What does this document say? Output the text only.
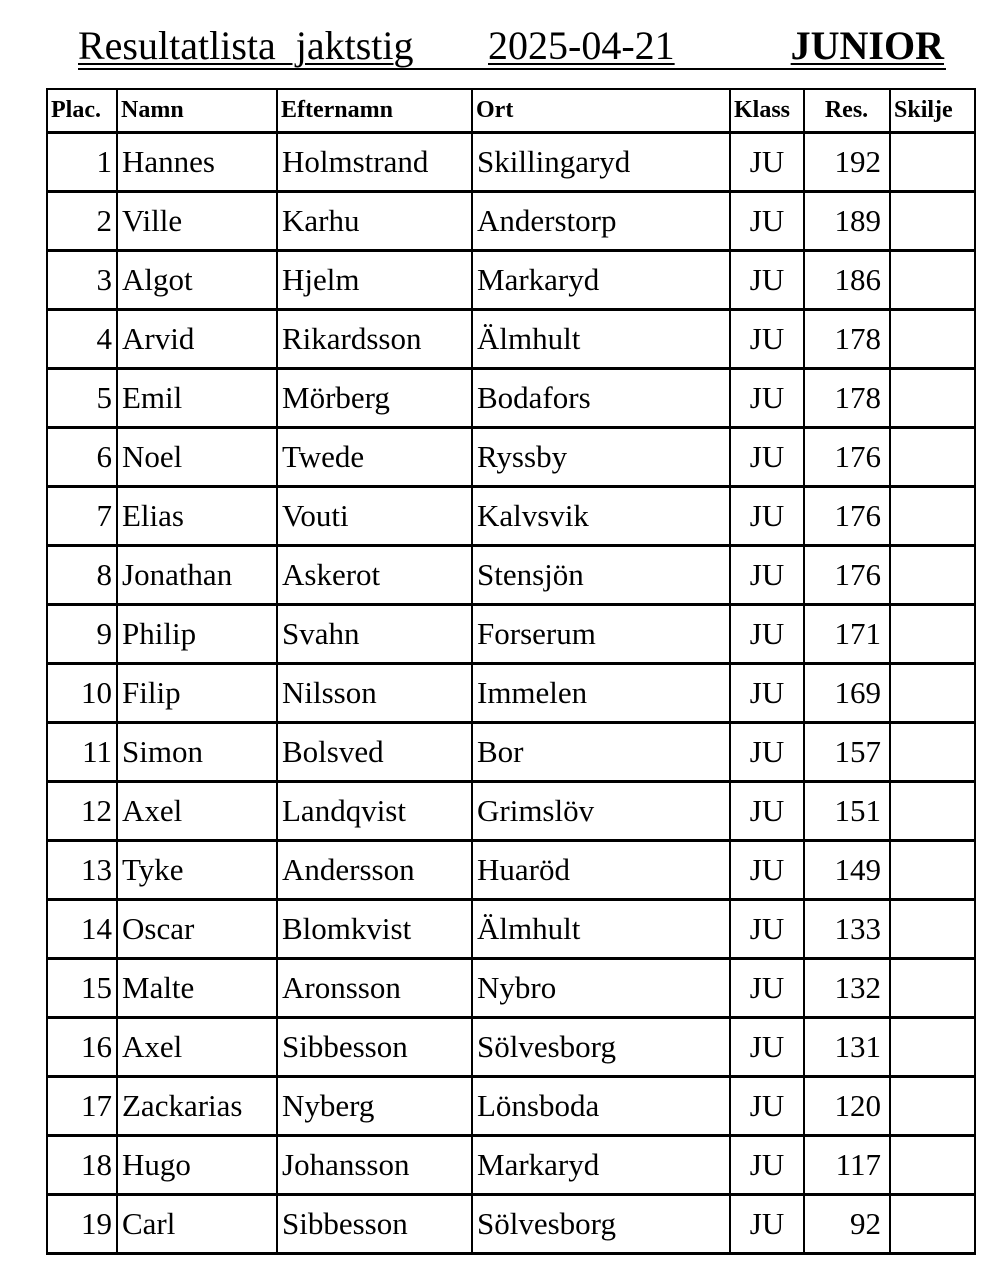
Resultatlista  jaktstig 2025-04-21	JUNIOR
Plac.	Namn	Efternamn	Ort	Klass	Res.	Skilje
1	Hannes	Holmstrand	Skillingaryd	JU	192	
2	Ville	Karhu	Anderstorp	JU	189	
3	Algot	Hjelm	Markaryd	JU	186	
4	Arvid	Rikardsson	Älmhult	JU	178	
5	Emil	Mörberg	Bodafors	JU	178	
6	Noel	Twede	Ryssby	JU	176	
7	Elias	Vouti	Kalvsvik	JU	176	
8	Jonathan	Askerot	Stensjön	JU	176	
9	Philip	Svahn	Forserum	JU	171	
10	Filip	Nilsson	Immelen	JU	169	
11	Simon	Bolsved	Bor	JU	157	
12	Axel	Landqvist	Grimslöv	JU	151	
13	Tyke	Andersson	Huaröd	JU	149	
14	Oscar	Blomkvist	Älmhult	JU	133	
15	Malte	Aronsson	Nybro	JU	132	
16	Axel	Sibbesson	Sölvesborg	JU	131	
17	Zackarias	Nyberg	Lönsboda	JU	120	
18	Hugo	Johansson	Markaryd	JU	117	
19	Carl	Sibbesson	Sölvesborg	JU	92	
